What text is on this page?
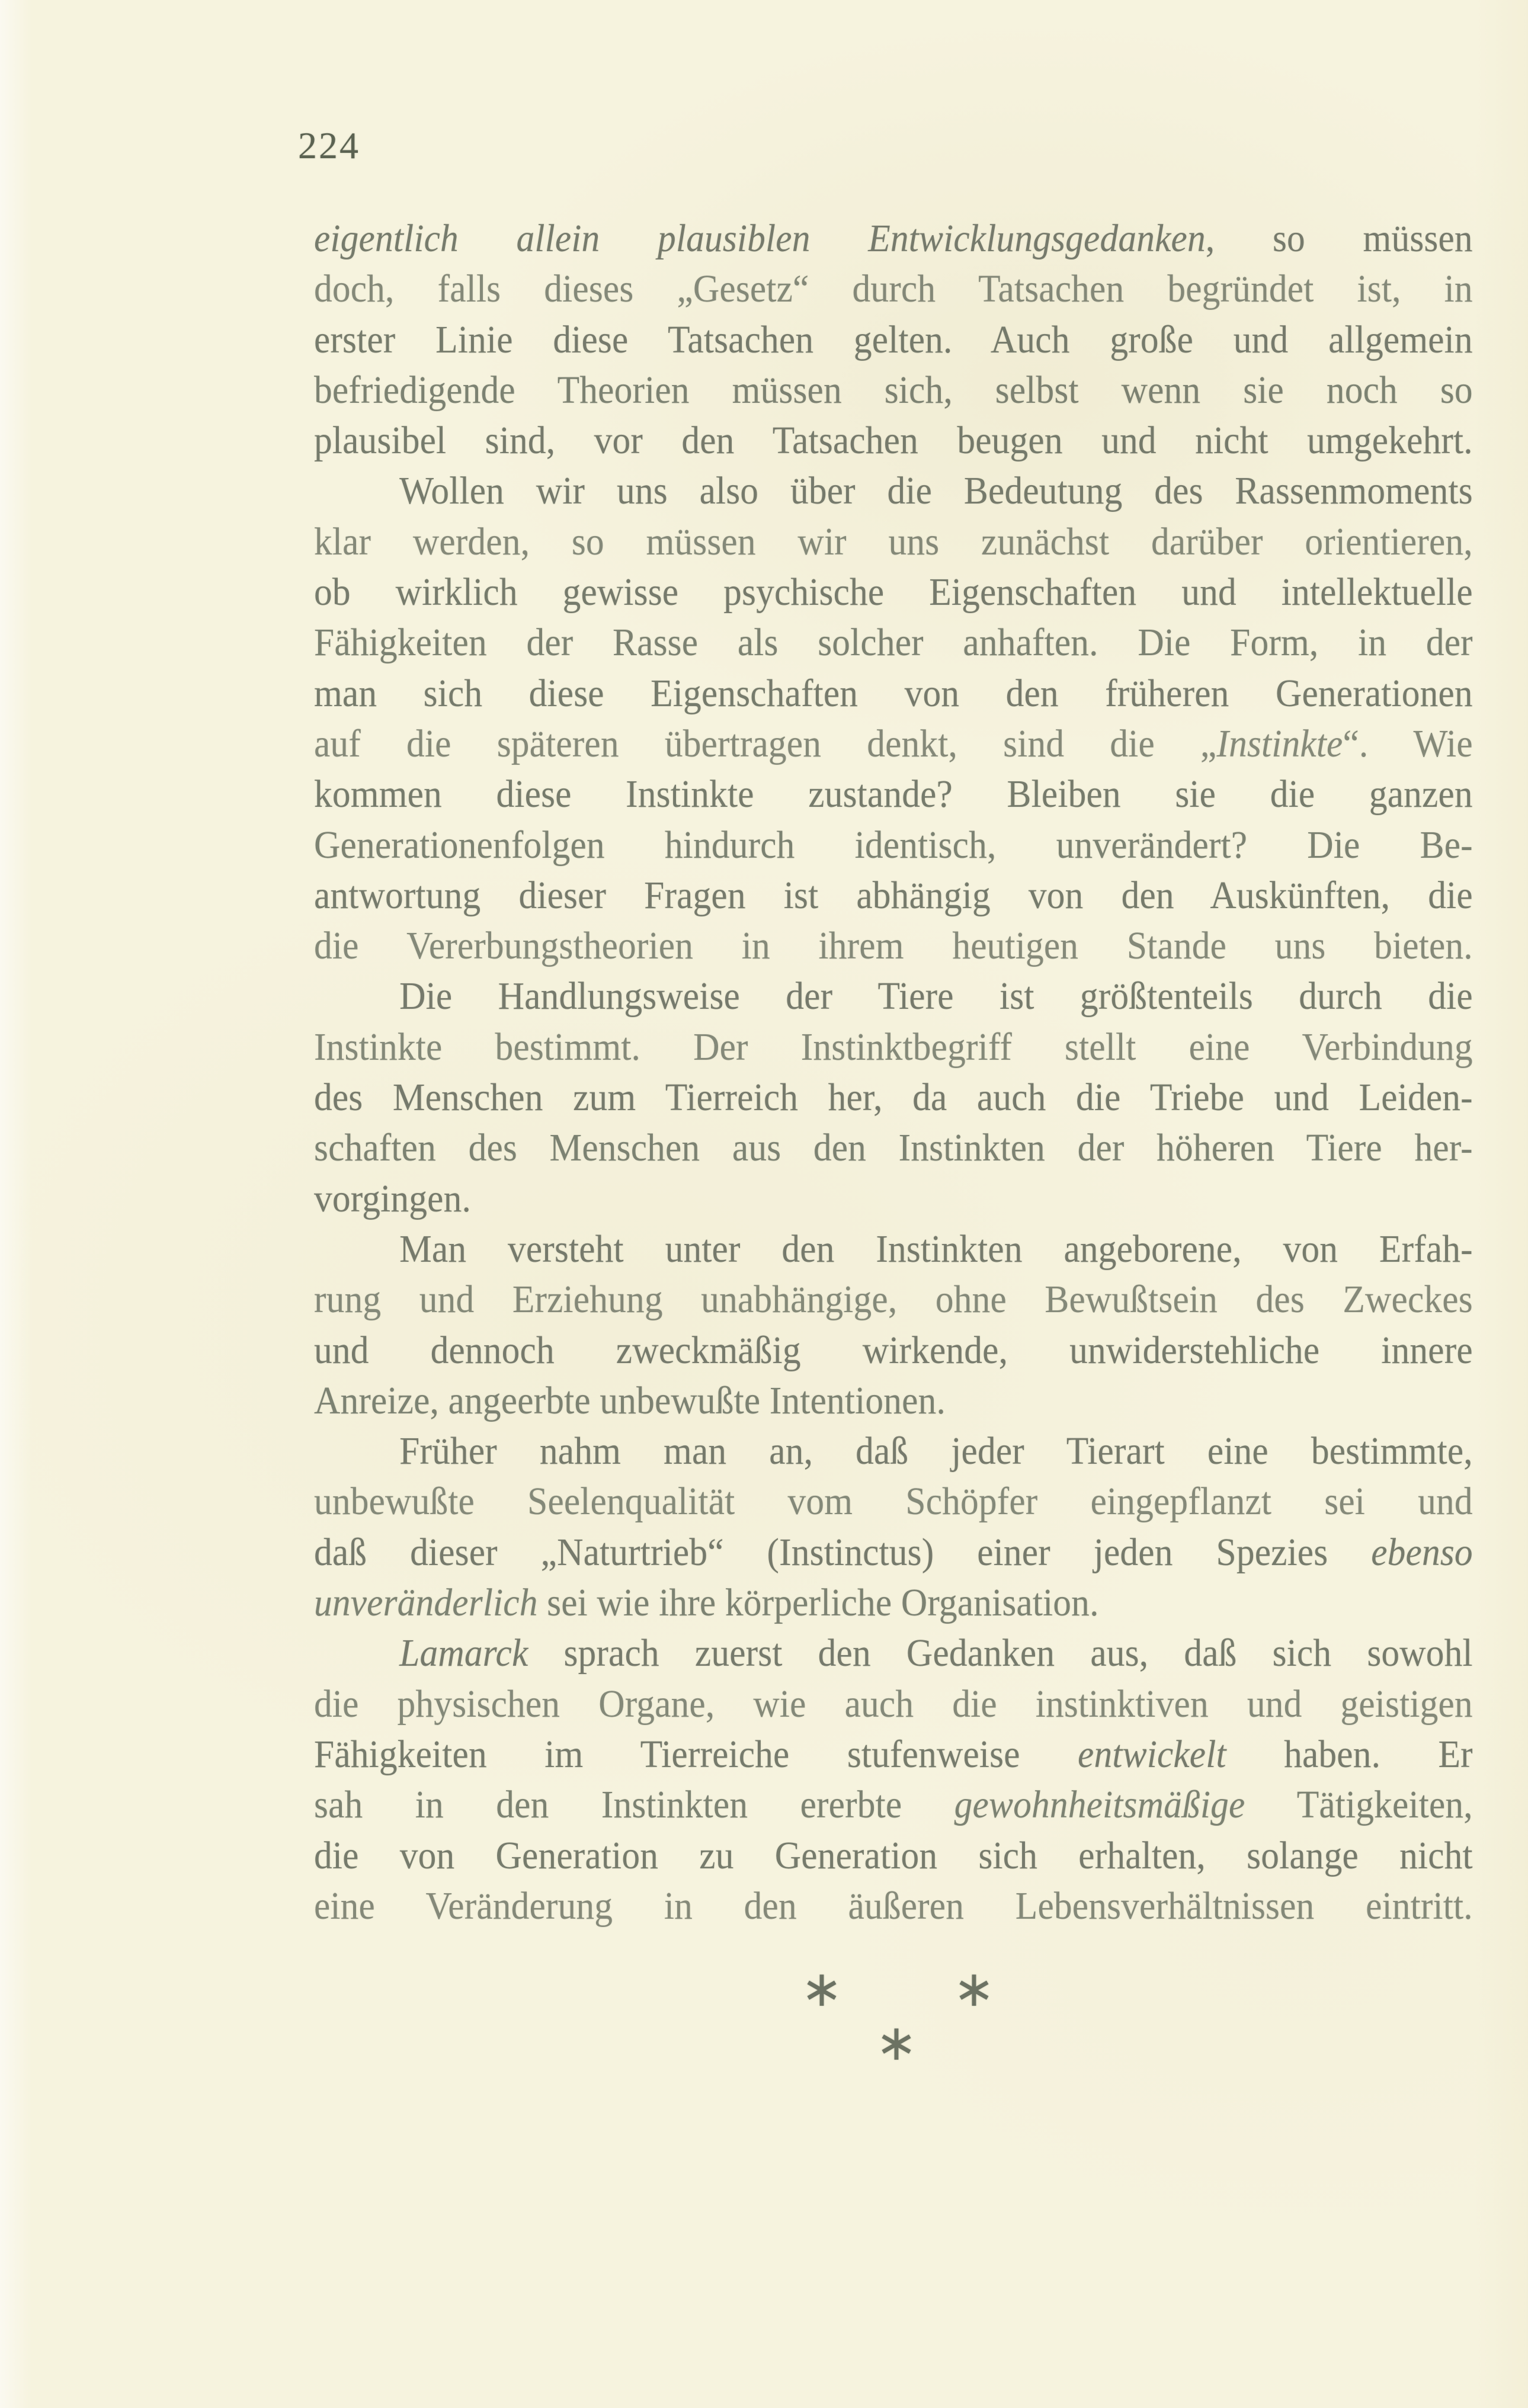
224
eigentlich allein plausiblen Entwicklungsgedanken, so müssen
doch, falls dieses „Gesetz“ durch Tatsachen begründet ist, in
erster Linie diese Tatsachen gelten. Auch große und allgemein
befriedigende Theorien müssen sich, selbst wenn sie noch so
plausibel sind, vor den Tatsachen beugen und nicht umgekehrt.
Wollen wir uns also über die Bedeutung des Rassenmoments
klar werden, so müssen wir uns zunächst darüber orientieren,
ob wirklich gewisse psychische Eigenschaften und intellektuelle
Fähigkeiten der Rasse als solcher anhaften. Die Form, in der
man sich diese Eigenschaften von den früheren Generationen
auf die späteren übertragen denkt, sind die „Instinkte“. Wie
kommen diese Instinkte zustande? Bleiben sie die ganzen
Generationenfolgen hindurch identisch, unverändert? Die Be-
antwortung dieser Fragen ist abhängig von den Auskünften, die
die Vererbungstheorien in ihrem heutigen Stande uns bieten.
Die Handlungsweise der Tiere ist größtenteils durch die
Instinkte bestimmt. Der Instinktbegriff stellt eine Verbindung
des Menschen zum Tierreich her, da auch die Triebe und Leiden-
schaften des Menschen aus den Instinkten der höheren Tiere her-
vorgingen.
Man versteht unter den Instinkten angeborene, von Erfah-
rung und Erziehung unabhängige, ohne Bewußtsein des Zweckes
und dennoch zweckmäßig wirkende, unwiderstehliche innere
Anreize, angeerbte unbewußte Intentionen.
Früher nahm man an, daß jeder Tierart eine bestimmte,
unbewußte Seelenqualität vom Schöpfer eingepflanzt sei und
daß dieser „Naturtrieb“ (Instinctus) einer jeden Spezies ebenso
unveränderlich sei wie ihre körperliche Organisation.
Lamarck sprach zuerst den Gedanken aus, daß sich sowohl
die physischen Organe, wie auch die instinktiven und geistigen
Fähigkeiten im Tierreiche stufenweise entwickelt haben. Er
sah in den Instinkten ererbte gewohnheitsmäßige Tätigkeiten,
die von Generation zu Generation sich erhalten, solange nicht
eine Veränderung in den äußeren Lebensverhältnissen eintritt.
∗ ∗
∗
